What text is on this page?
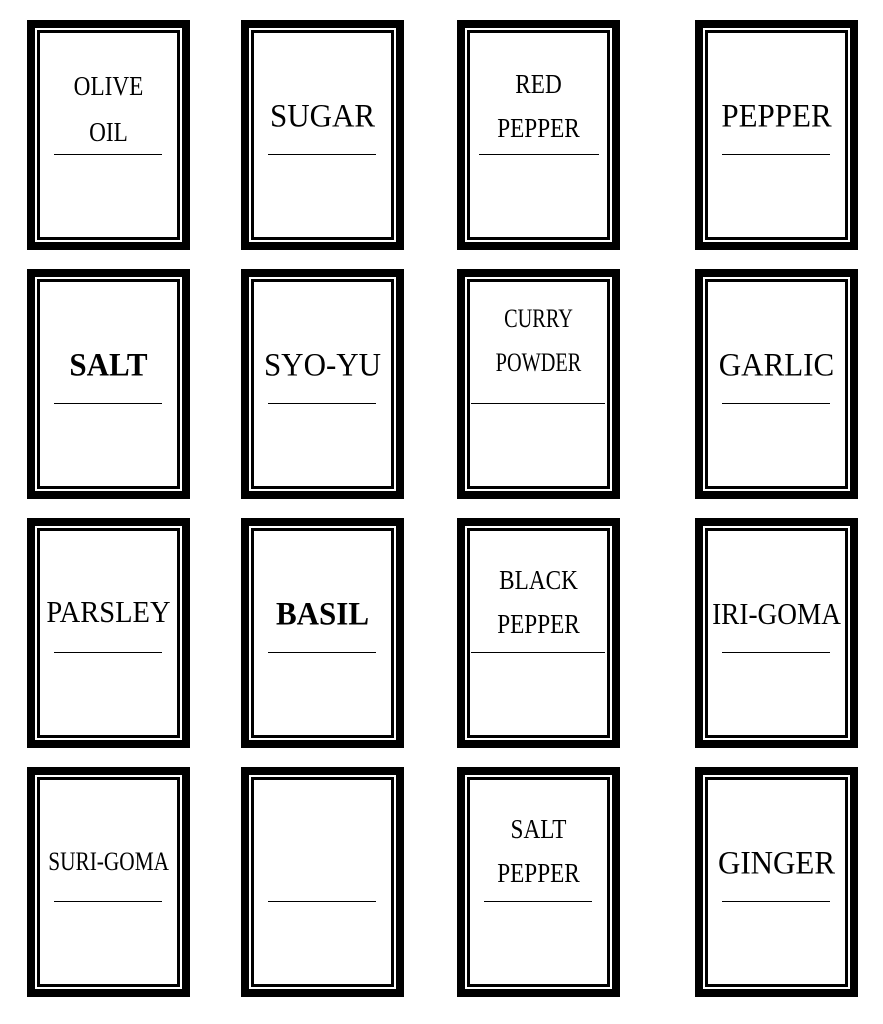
OLIVE
OIL	SUGAR
RED
PEPPER	PEPPER
SALT	SYO-YU
CURRY
POWDER	GARLIC
PARSLEY	BASIL
BLACK
PEPPER	IRI-GOMA
SURI-GOMA
SALT
PEPPER	GINGER
